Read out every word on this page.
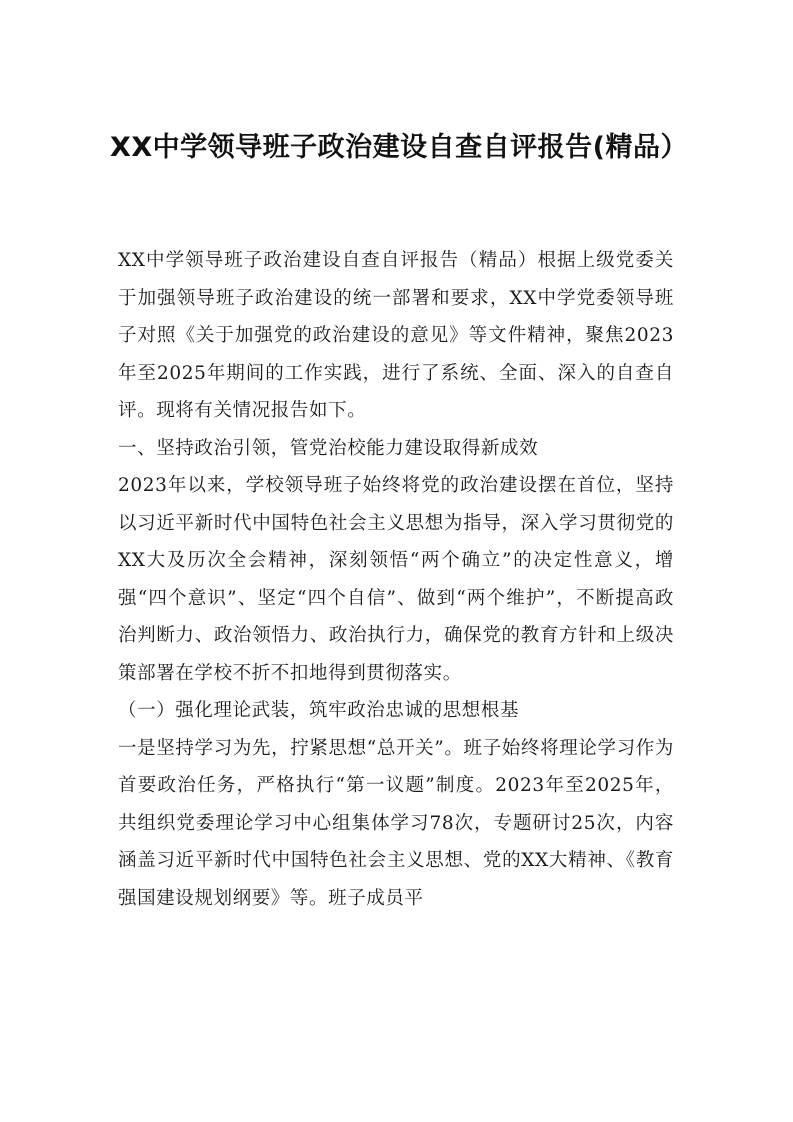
XX中学领导班子政治建设自查自评报告(精品）

XX中学领导班子政治建设自查自评报告（精品）根据上级党委关于加强领导班子政治建设的统一部署和要求，XX中学党委领导班子对照《关于加强党的政治建设的意见》等文件精神，聚焦2023年至2025年期间的工作实践，进行了系统、全面、深入的自查自评。现将有关情况报告如下。

一、坚持政治引领，管党治校能力建设取得新成效

2023年以来，学校领导班子始终将党的政治建设摆在首位，坚持以习近平新时代中国特色社会主义思想为指导，深入学习贯彻党的XX大及历次全会精神，深刻领悟“两个确立”的决定性意义，增强“四个意识”、坚定“四个自信”、做到“两个维护”，不断提高政治判断力、政治领悟力、政治执行力，确保党的教育方针和上级决策部署在学校不折不扣地得到贯彻落实。

（一）强化理论武装，筑牢政治忠诚的思想根基

一是坚持学习为先，拧紧思想“总开关”。班子始终将理论学习作为首要政治任务，严格执行“第一议题”制度。2023年至2025年，共组织党委理论学习中心组集体学习78次，专题研讨25次，内容涵盖习近平新时代中国特色社会主义思想、党的XX大精神、《教育强国建设规划纲要》等。班子成员平
